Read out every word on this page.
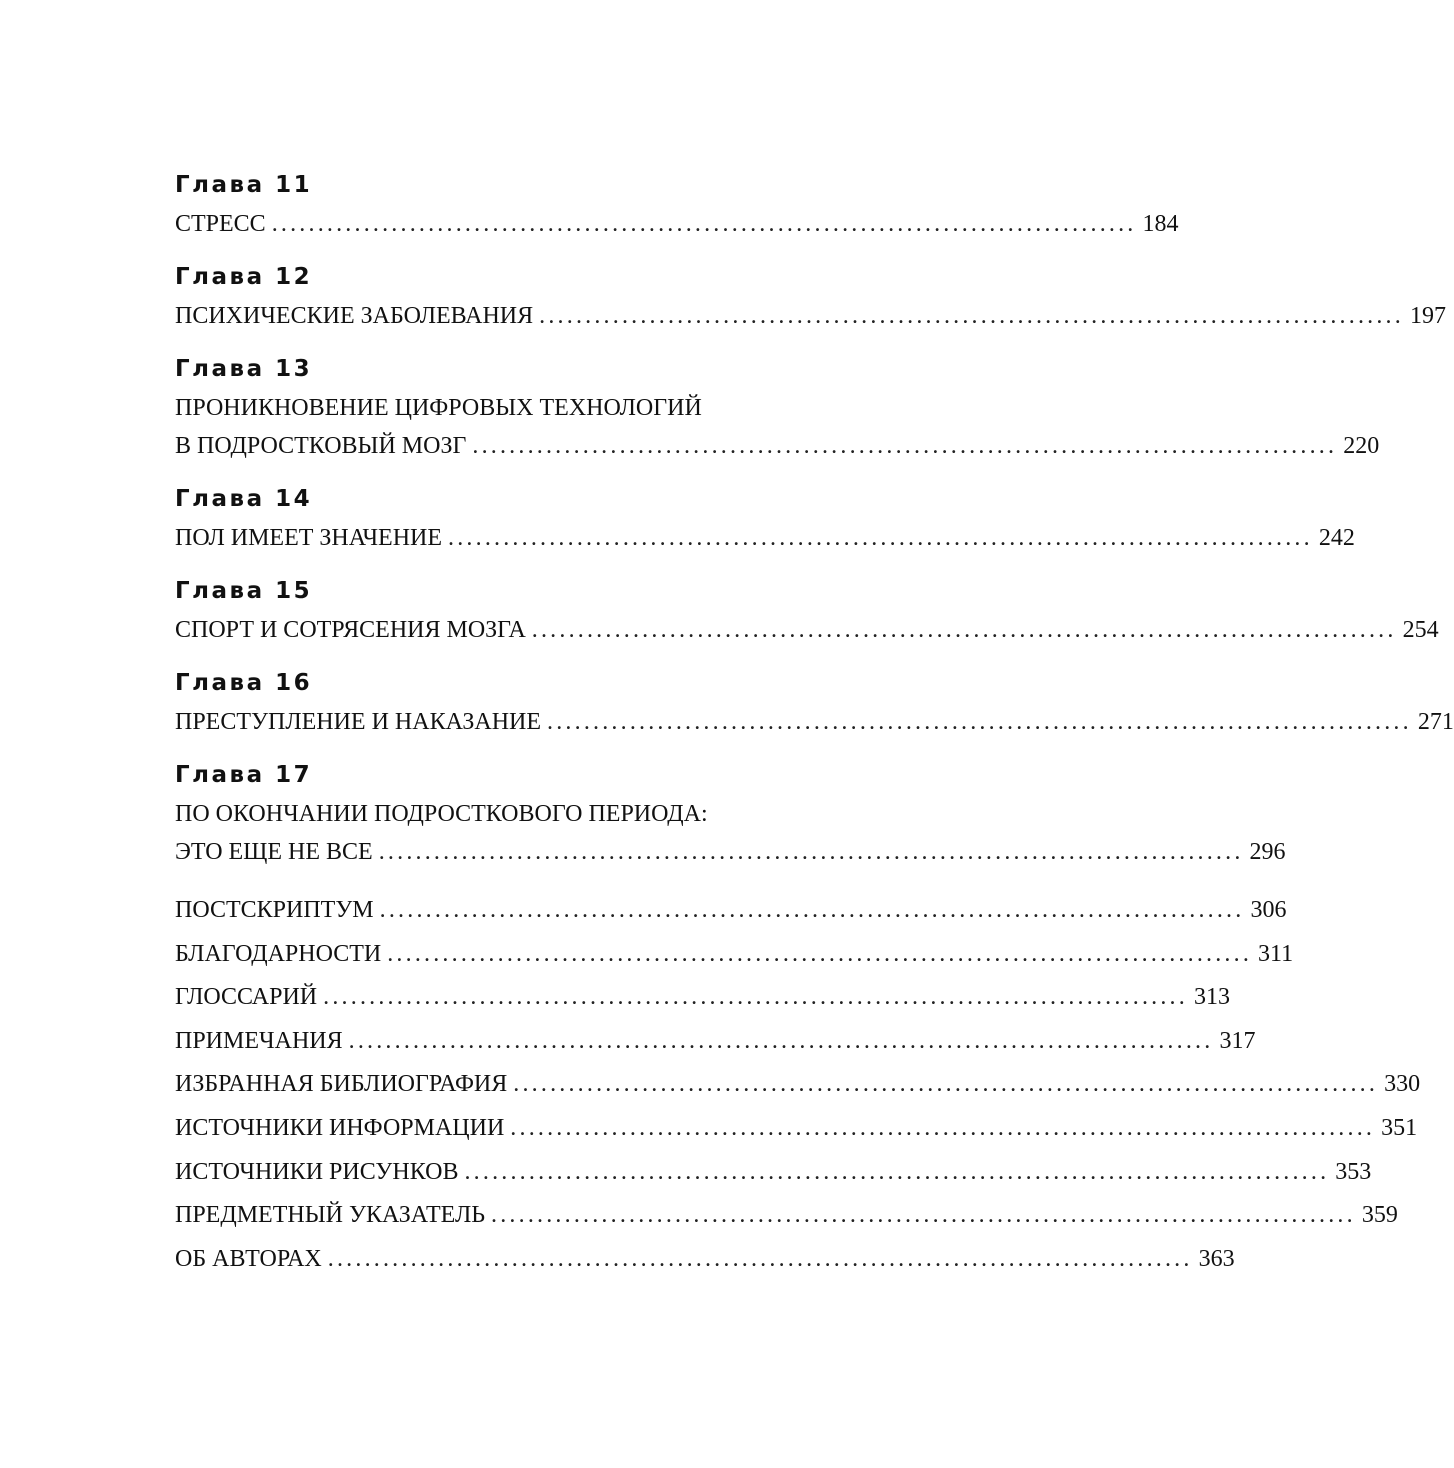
Глава 11
СТРЕСС .............................................................................................. 184
Глава 12
ПСИХИЧЕСКИЕ ЗАБОЛЕВАНИЯ .............................................................................................. 197
Глава 13
ПРОНИКНОВЕНИЕ ЦИФРОВЫХ ТЕХНОЛОГИЙ
В ПОДРОСТКОВЫЙ МОЗГ .............................................................................................. 220
Глава 14
ПОЛ ИМЕЕТ ЗНАЧЕНИЕ .............................................................................................. 242
Глава 15
СПОРТ И СОТРЯСЕНИЯ МОЗГА .............................................................................................. 254
Глава 16
ПРЕСТУПЛЕНИЕ И НАКАЗАНИЕ .............................................................................................. 271
Глава 17
ПО ОКОНЧАНИИ ПОДРОСТКОВОГО ПЕРИОДА:
ЭТО ЕЩЕ НЕ ВСЕ .............................................................................................. 296
ПОСТСКРИПТУМ .............................................................................................. 306
БЛАГОДАРНОСТИ .............................................................................................. 311
ГЛОССАРИЙ .............................................................................................. 313
ПРИМЕЧАНИЯ .............................................................................................. 317
ИЗБРАННАЯ БИБЛИОГРАФИЯ .............................................................................................. 330
ИСТОЧНИКИ ИНФОРМАЦИИ .............................................................................................. 351
ИСТОЧНИКИ РИСУНКОВ .............................................................................................. 353
ПРЕДМЕТНЫЙ УКАЗАТЕЛЬ .............................................................................................. 359
ОБ АВТОРАХ .............................................................................................. 363
